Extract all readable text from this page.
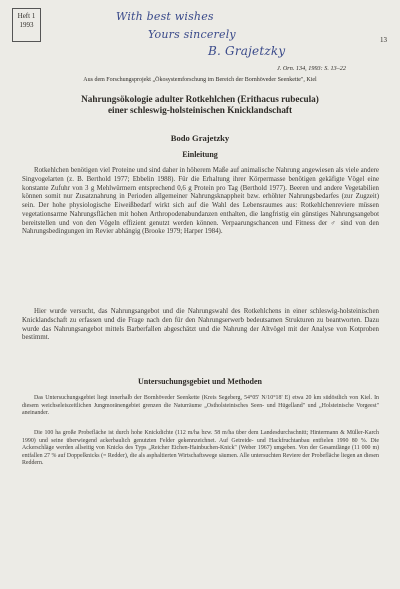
With best wishes
Yours sincerely
B. Grajetzky
Heft 1
1993
13
J. Orn. 134, 1993: S. 13–22
Aus dem Forschungsprojekt „Ökosystemforschung im Bereich der Bornhöveder Seenkette", Kiel
Nahrungsökologie adulter Rotkehlchen (Erithacus rubecula)
einer schleswig-holsteinischen Knicklandschaft
Bodo Grajetzky
Einleitung
Rotkehlchen benötigen viel Proteine und sind daher in höherem Maße auf animalische Nahrung angewiesen als viele andere Singvogelarten (z. B. Berthold 1977; Ebbelin 1988). Für die Erhaltung ihrer Körpermasse benötigen gekäfigte Vögel eine konstante Zufuhr von 3 g Mehlwürmern entsprechend 0,6 g Protein pro Tag (Berthold 1977). Beeren und andere Vegetabilien können somit nur Zusatznahrung in Perioden allgemeiner Nahrungsknappheit bzw. erhöhter Nahrungsbedarfes (zur Zugzeit) sein. Der hohe physiologische Eiweißbedarf wirkt sich auf die Wahl des Lebensraumes aus: Rotkehlchenreviere müssen vegetationsarme Nahrungsflächen mit hohen Arthropodenabundanzen enthalten, die langfristig ein günstiges Nahrungsangebot bereitstellen und von den Vögeln effizient genutzt werden können. Verpaarungschancen und Fitness der ♂ sind von den Nahrungsbedingungen im Revier abhängig (Brooke 1979; Harper 1984).
Hier wurde versucht, das Nahrungsangebot und die Nahrungswahl des Rotkehlchens in einer schleswig-holsteinischen Knicklandschaft zu erfassen und die Frage nach den für den Nahrungserwerb bedeutsamen Strukturen zu beantworten. Dazu wurde das Nahrungsangebot mittels Barberfallen abgeschätzt und die Nahrung der Altvögel mit der Analyse von Kotproben bestimmt.
Untersuchungsgebiet und Methoden
Das Untersuchungsgebiet liegt innerhalb der Bornhöveder Seenkette (Kreis Segeberg, 54°05' N/10°18' E) etwa 20 km südöstlich von Kiel. In diesem weichseleiszeitlichen Jungmoränengebiet grenzen die Naturräume „Ostholsteinisches Seen- und Hügelland" und „Holsteinische Vorgeest" aneinander.
Die 100 ha große Probefläche ist durch hohe Knickdichte (112 m/ha bzw. 58 m/ha über dem Landesdurchschnitt; Hintermann & Müller-Karch 1990) und seine überwiegend ackerbaulich genutzten Felder gekennzeichnet. Auf Getreide- und Hackfruchtanbau entfielen 1990 80 %. Die Ackerschläge werden allseitig von Knicks des Typs „Reicher Eichen-Hainbuchen-Knick" (Weber 1967) umgeben. Von der Gesamtlänge (11 000 m) entfallen 27 % auf Doppelknicks (= Redder), die als asphaltierten Wirtschaftswege säumen. Alle untersuchten Reviere der Probefläche liegen an diesen Reddern.
